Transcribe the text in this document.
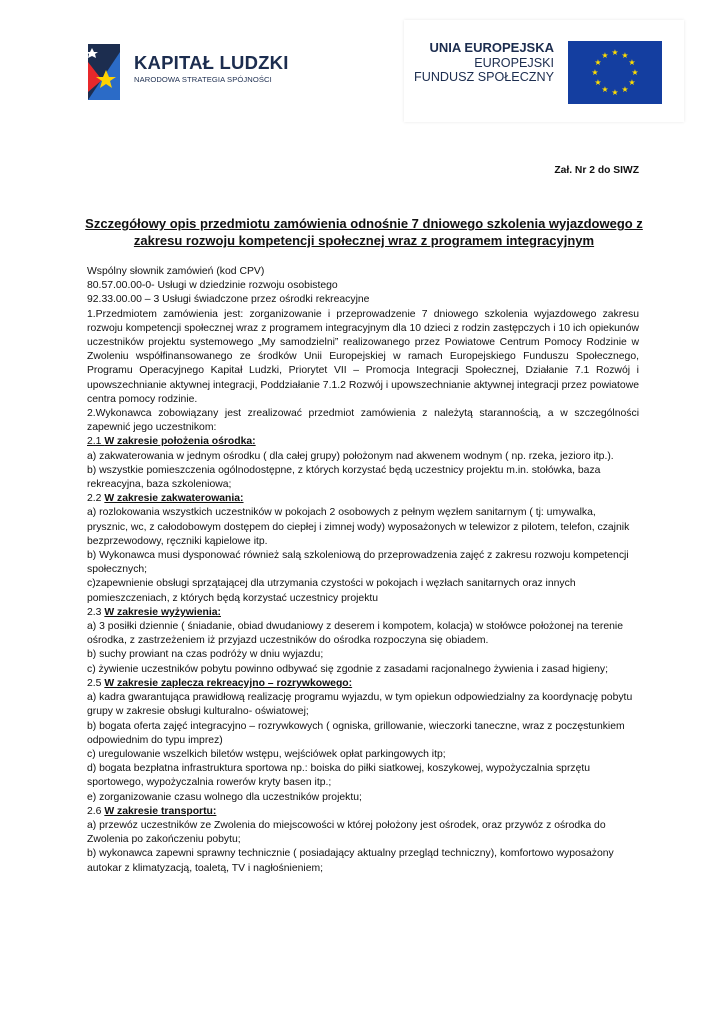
KAPITAŁ LUDZKI
NARODOWA STRATEGIA SPÓJNOŚCI
UNIA EUROPEJSKA
EUROPEJSKI
FUNDUSZ SPOŁECZNY
★ ★
★
★
★
★
★
★
★
★
★
★
Zał. Nr 2 do SIWZ
Szczegółowy opis przedmiotu zamówienia odnośnie 7 dniowego szkolenia wyjazdowego z
zakresu rozwoju kompetencji społecznej wraz z programem integracyjnym

Wspólny słownik zamówień (kod CPV)

80.57.00.00-0- Usługi w dziedzinie rozwoju osobistego

92.33.00.00 – 3 Usługi świadczone przez ośrodki rekreacyjne

1.Przedmiotem zamówienia jest: zorganizowanie i przeprowadzenie 7 dniowego szkolenia wyjazdowego zakresu rozwoju kompetencji społecznej wraz z programem integracyjnym dla 10 dzieci z rodzin zastępczych i 10 ich opiekunów uczestników projektu systemowego „My samodzielni” realizowanego przez Powiatowe Centrum Pomocy Rodzinie w Zwoleniu współfinansowanego ze środków Unii Europejskiej w ramach Europejskiego Funduszu Społecznego, Programu Operacyjnego Kapitał Ludzki, Priorytet VII – Promocja Integracji Społecznej, Działanie 7.1 Rozwój i upowszechnianie aktywnej integracji, Poddziałanie 7.1.2 Rozwój i upowszechnianie aktywnej integracji przez powiatowe centra pomocy rodzinie.

2.Wykonawca zobowiązany jest zrealizować przedmiot zamówienia z należytą starannością, a w szczególności zapewnić jego uczestnikom:

2.1 W zakresie położenia ośrodka:

a) zakwaterowania w jednym ośrodku ( dla całej grupy) położonym nad akwenem wodnym ( np. rzeka, jezioro itp.).

b) wszystkie pomieszczenia ogólnodostępne, z których korzystać będą uczestnicy projektu m.in. stołówka, baza rekreacyjna, baza szkoleniowa;

2.2 W zakresie zakwaterowania:

a) rozlokowania wszystkich uczestników w pokojach 2 osobowych z pełnym węzłem sanitarnym ( tj: umywalka, prysznic, wc, z całodobowym dostępem do ciepłej i zimnej wody) wyposażonych w telewizor z pilotem, telefon, czajnik bezprzewodowy, ręczniki kąpielowe itp.

b) Wykonawca musi dysponować również salą szkoleniową do przeprowadzenia zajęć z zakresu rozwoju kompetencji społecznych;

c)zapewnienie obsługi sprzątającej dla utrzymania czystości w pokojach i węzłach sanitarnych oraz innych pomieszczeniach, z których będą korzystać uczestnicy projektu

2.3 W zakresie wyżywienia:

a) 3 posiłki dziennie ( śniadanie, obiad dwudaniowy z deserem i kompotem, kolacja) w stołówce położonej na terenie ośrodka, z zastrzeżeniem iż przyjazd uczestników do ośrodka rozpoczyna się obiadem.

b) suchy prowiant na czas podróży w dniu wyjazdu;

c) żywienie uczestników pobytu powinno odbywać się zgodnie z zasadami racjonalnego żywienia i zasad higieny;

2.5 W zakresie zaplecza rekreacyjno – rozrywkowego:

a) kadra gwarantująca prawidłową realizację programu wyjazdu, w tym opiekun odpowiedzialny za koordynację pobytu grupy w zakresie obsługi kulturalno- oświatowej;

b) bogata oferta zajęć integracyjno – rozrywkowych ( ogniska, grillowanie, wieczorki taneczne, wraz z poczęstunkiem odpowiednim do typu imprez)

c) uregulowanie wszelkich biletów wstępu, wejściówek opłat parkingowych itp;

d) bogata bezpłatna infrastruktura sportowa np.: boiska do piłki siatkowej, koszykowej, wypożyczalnia sprzętu sportowego, wypożyczalnia rowerów kryty basen itp.;

e) zorganizowanie czasu wolnego dla uczestników projektu;

2.6 W zakresie transportu:

a) przewóz uczestników ze Zwolenia do miejscowości w której położony jest ośrodek, oraz przywóz z ośrodka do Zwolenia po zakończeniu pobytu;

b) wykonawca zapewni sprawny technicznie ( posiadający aktualny przegląd techniczny), komfortowo wyposażony autokar z klimatyzacją, toaletą, TV i nagłośnieniem;
